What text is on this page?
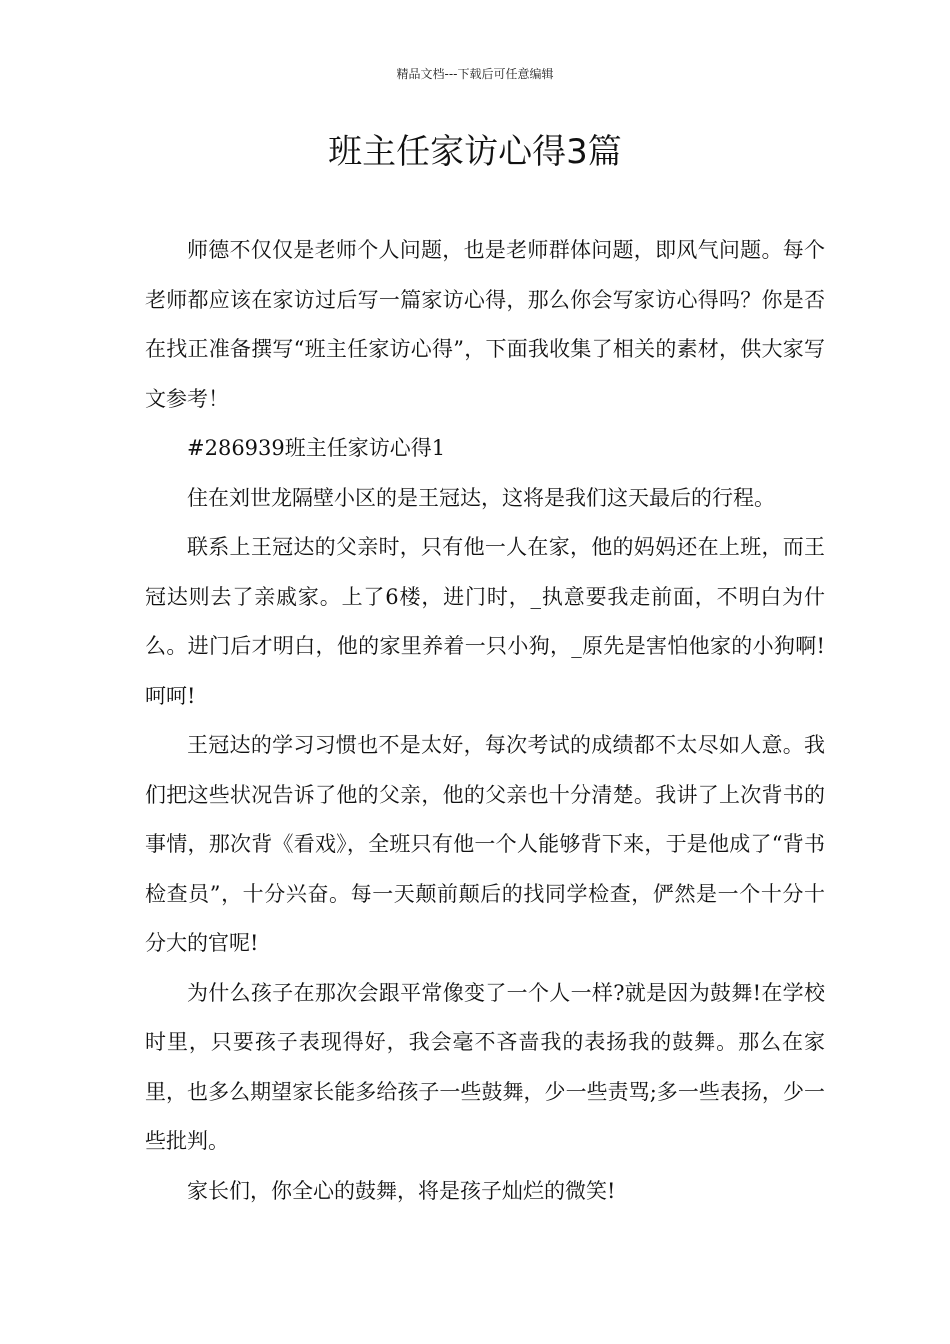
精品文档---下载后可任意编辑
班主任家访心得3篇

师德不仅仅是老师个人问题，也是老师群体问题，即风气问题。每个老师都应该在家访过后写一篇家访心得，那么你会写家访心得吗？你是否在找正准备撰写“班主任家访心得”，下面我收集了相关的素材，供大家写文参考！

#286939班主任家访心得1

住在刘世龙隔壁小区的是王冠达，这将是我们这天最后的行程。

联系上王冠达的父亲时，只有他一人在家，他的妈妈还在上班，而王冠达则去了亲戚家。上了6楼，进门时，_执意要我走前面，不明白为什么。进门后才明白，他的家里养着一只小狗，_原先是害怕他家的小狗啊!呵呵!

王冠达的学习习惯也不是太好，每次考试的成绩都不太尽如人意。我们把这些状况告诉了他的父亲，他的父亲也十分清楚。我讲了上次背书的事情，那次背《看戏》，全班只有他一个人能够背下来，于是他成了“背书检查员”，十分兴奋。每一天颠前颠后的找同学检查，俨然是一个十分十分大的官呢!

为什么孩子在那次会跟平常像变了一个人一样?就是因为鼓舞!在学校时里，只要孩子表现得好，我会毫不吝啬我的表扬我的鼓舞。那么在家里，也多么期望家长能多给孩子一些鼓舞，少一些责骂;多一些表扬，少一些批判。

家长们，你全心的鼓舞，将是孩子灿烂的微笑!
